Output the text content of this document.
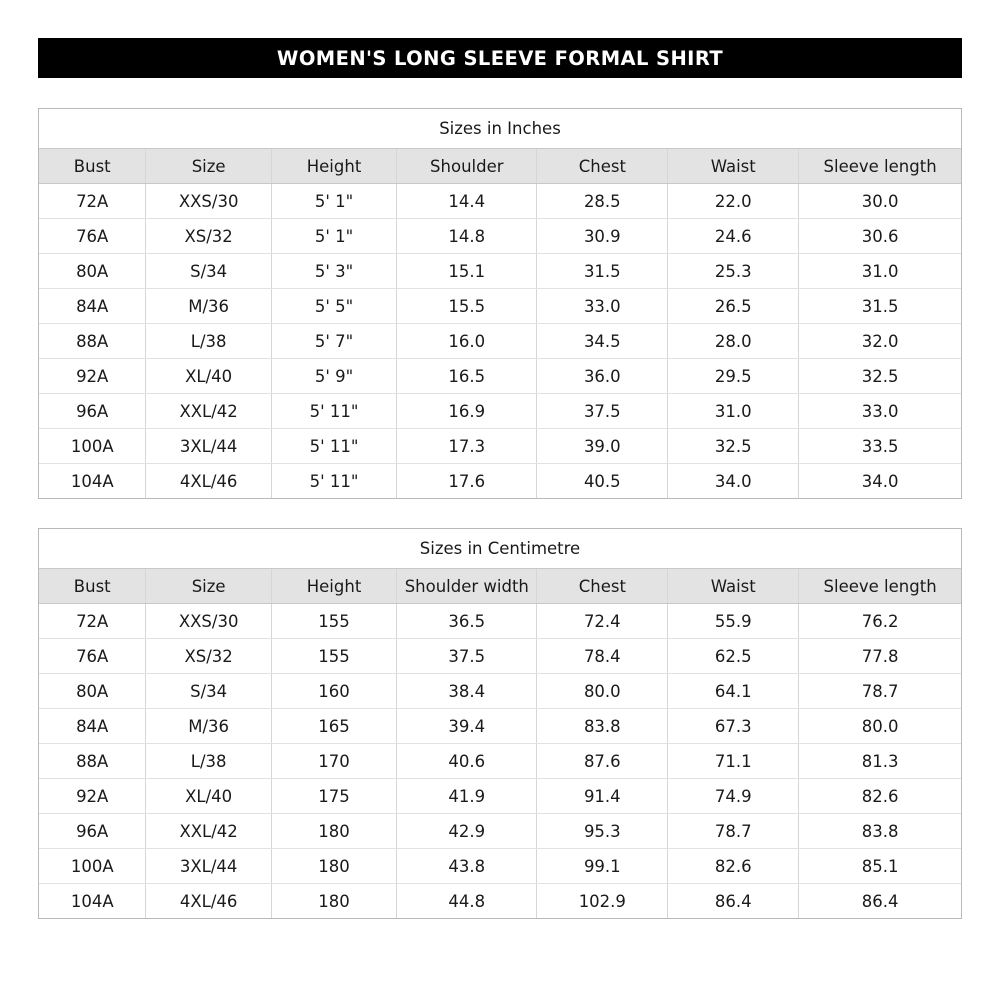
WOMEN'S LONG SLEEVE FORMAL SHIRT
Sizes in Inches
Bust	Size	Height	Shoulder	Chest	Waist	Sleeve length
72A	XXS/30	5' 1"	14.4	28.5	22.0	30.0
76A	XS/32	5' 1"	14.8	30.9	24.6	30.6
80A	S/34	5' 3"	15.1	31.5	25.3	31.0
84A	M/36	5' 5"	15.5	33.0	26.5	31.5
88A	L/38	5' 7"	16.0	34.5	28.0	32.0
92A	XL/40	5' 9"	16.5	36.0	29.5	32.5
96A	XXL/42	5' 11"	16.9	37.5	31.0	33.0
100A	3XL/44	5' 11"	17.3	39.0	32.5	33.5
104A	4XL/46	5' 11"	17.6	40.5	34.0	34.0
Sizes in Centimetre
Bust	Size	Height	Shoulder width	Chest	Waist	Sleeve length
72A	XXS/30	155	36.5	72.4	55.9	76.2
76A	XS/32	155	37.5	78.4	62.5	77.8
80A	S/34	160	38.4	80.0	64.1	78.7
84A	M/36	165	39.4	83.8	67.3	80.0
88A	L/38	170	40.6	87.6	71.1	81.3
92A	XL/40	175	41.9	91.4	74.9	82.6
96A	XXL/42	180	42.9	95.3	78.7	83.8
100A	3XL/44	180	43.8	99.1	82.6	85.1
104A	4XL/46	180	44.8	102.9	86.4	86.4
